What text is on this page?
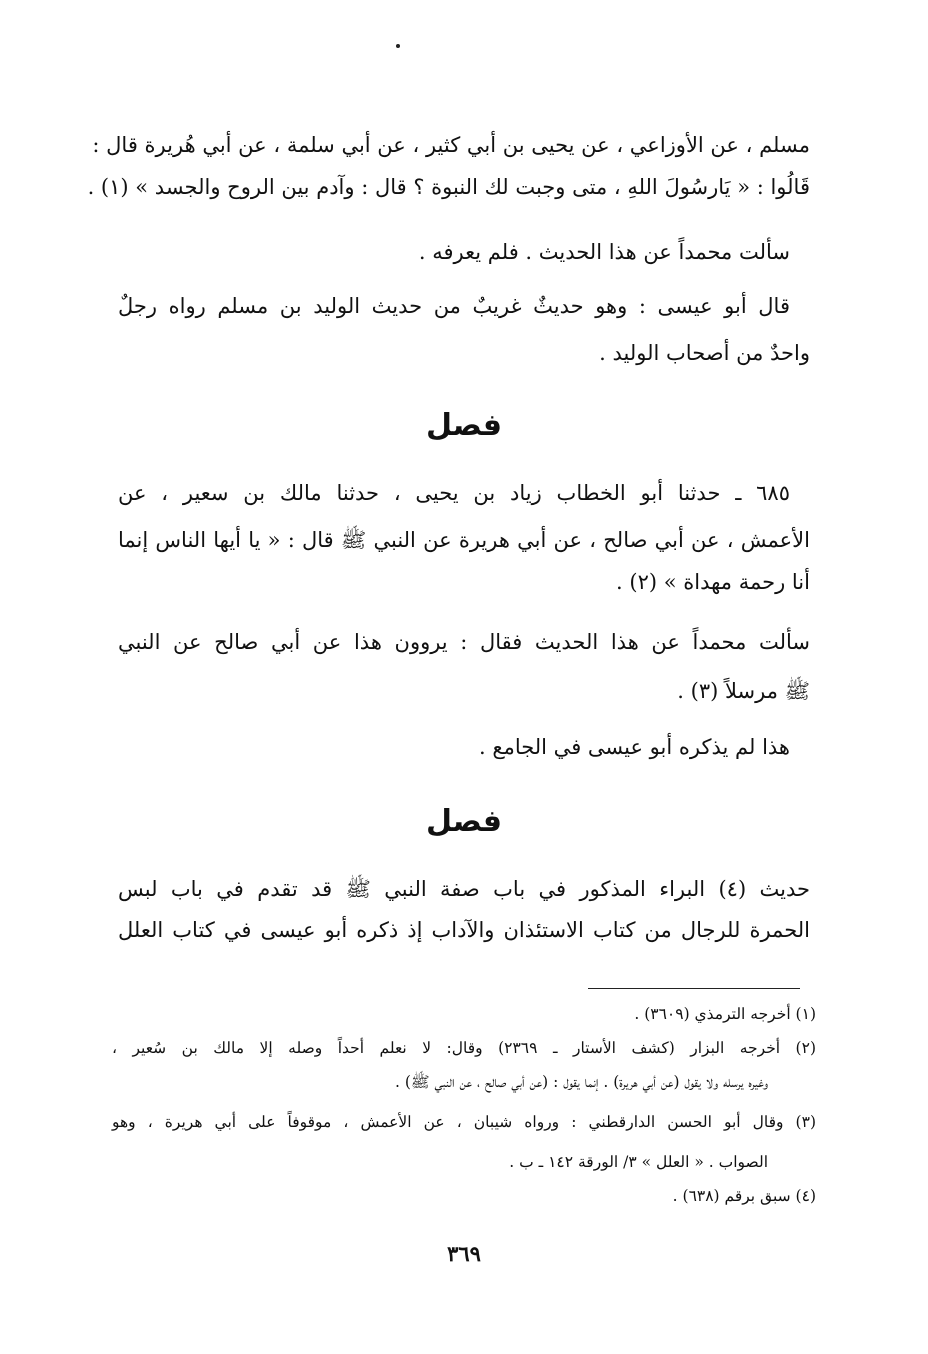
مسلم ، عن الأوزاعي ، عن يحيى بن أبي كثير ، عن أبي سلمة ، عن أبي هُريرة قال :
قَالُوا : « يَارسُولَ اللهِ ، متى وجبت لك النبوة ؟ قال : وآدم بين الروح والجسد » (١) .
سألت محمداً عن هذا الحديث . فلم يعرفه .
قال أبو عيسى : وهو حديثٌ غريبٌ من حديث الوليد بن مسلم رواه رجلٌ
واحدٌ من أصحاب الوليد .
فصل
٦٨٥ ـ حدثنا أبو الخطاب زياد بن يحيى ، حدثنا مالك بن سعير ، عن
الأعمش ، عن أبي صالح ، عن أبي هريرة عن النبي ﷺ قال : « يا أيها الناس إنما
أنا رحمة مهداة » (٢) .
سألت محمداً عن هذا الحديث فقال : يروون هذا عن أبي صالح عن النبي
ﷺ مرسلاً (٣) .
هذا لم يذكره أبو عيسى في الجامع .
فصل
حديث (٤) البراء المذكور في باب صفة النبي ﷺ قد تقدم في باب لبس
الحمرة للرجال من كتاب الاستئذان والآداب إذ ذكره أبو عيسى في كتاب العلل
(١) أخرجه الترمذي (٣٦٠٩) .
(٢) أخرجه البزار (كشف الأستار ـ ٢٣٦٩) وقال: لا نعلم أحداً وصله إلا مالك بن سُعير ،
وغيره يرسله ولا يقول (عن أبي هريرة) . إنما يقول : (عن أبي صالح ، عن النبي ﷺ) .
(٣) وقال أبو الحسن الدارقطني : ورواه شيبان ، عن الأعمش ، موقوفاً على أبي هريرة ، وهو
الصواب . « العلل » ٣/ الورقة ١٤٢ ـ ب .
(٤) سبق برقم (٦٣٨) .
٣٦٩
